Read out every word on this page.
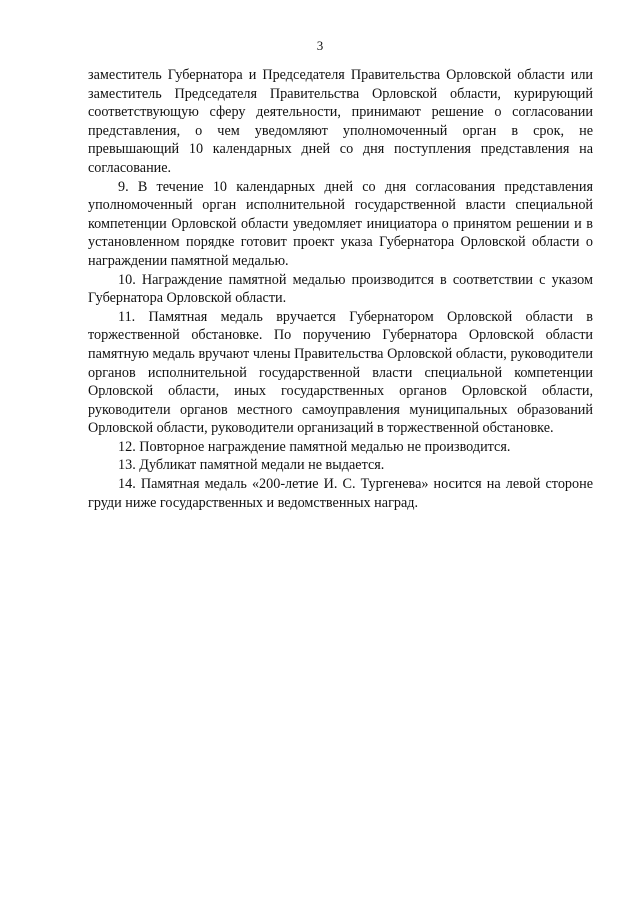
3

заместитель Губернатора и Председателя Правительства Орловской области или заместитель Председателя Правительства Орловской области, курирующий соответствующую сферу деятельности, принимают решение о согласовании представления, о чем уведомляют уполномоченный орган в срок, не превышающий 10 календарных дней со дня поступления представления на согласование.

9. В течение 10 календарных дней со дня согласования представления уполномоченный орган исполнительной государственной власти специальной компетенции Орловской области уведомляет инициатора о принятом решении и в установленном порядке готовит проект указа Губернатора Орловской области о награждении памятной медалью.

10. Награждение памятной медалью производится в соответствии с указом Губернатора Орловской области.

11. Памятная медаль вручается Губернатором Орловской области в торжественной обстановке. По поручению Губернатора Орловской области памятную медаль вручают члены Правительства Орловской области, руководители органов исполнительной государственной власти специальной компетенции Орловской области, иных государственных органов Орловской области, руководители органов местного самоуправления муниципальных образований Орловской области, руководители организаций в торжественной обстановке.

12. Повторное награждение памятной медалью не производится.

13. Дубликат памятной медали не выдается.

14. Памятная медаль «200-летие И. С. Тургенева» носится на левой стороне груди ниже государственных и ведомственных наград.
